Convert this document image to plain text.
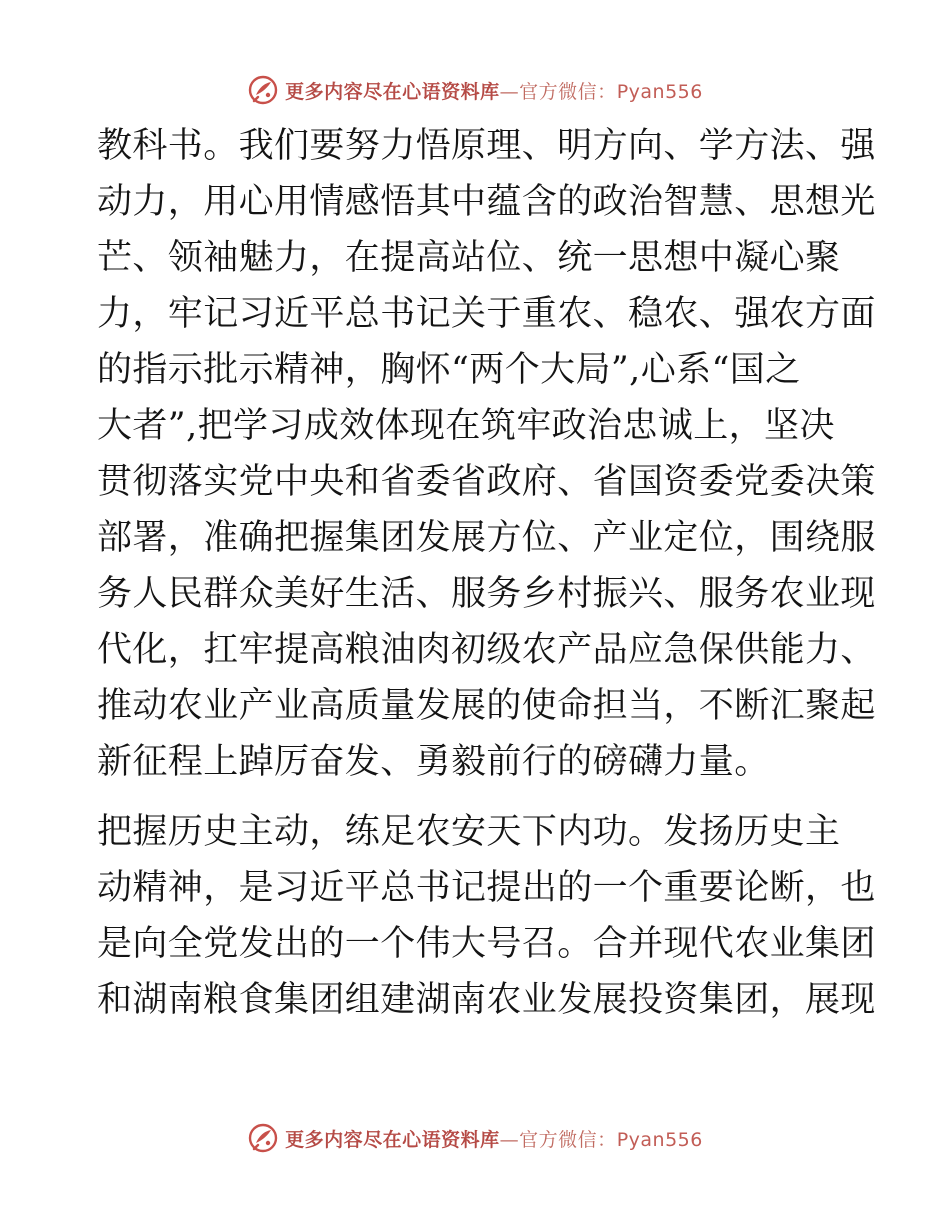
更多内容尽在心语资料库—官方微信：Pyan556
教科书。我们要努力悟原理、明方向、学方法、强
动力，用心用情感悟其中蕴含的政治智慧、思想光
芒、领袖魅力，在提高站位、统一思想中凝心聚
力，牢记习近平总书记关于重农、稳农、强农方面
的指示批示精神，胸怀“两个大局”,心系“国之
大者”,把学习成效体现在筑牢政治忠诚上，坚决
贯彻落实党中央和省委省政府、省国资委党委决策
部署，准确把握集团发展方位、产业定位，围绕服
务人民群众美好生活、服务乡村振兴、服务农业现
代化，扛牢提高粮油肉初级农产品应急保供能力、
推动农业产业高质量发展的使命担当，不断汇聚起
新征程上踔厉奋发、勇毅前行的磅礴力量。
把握历史主动，练足农安天下内功。发扬历史主
动精神，是习近平总书记提出的一个重要论断，也
是向全党发出的一个伟大号召。合并现代农业集团
和湖南粮食集团组建湖南农业发展投资集团，展现
更多内容尽在心语资料库—官方微信：Pyan556
